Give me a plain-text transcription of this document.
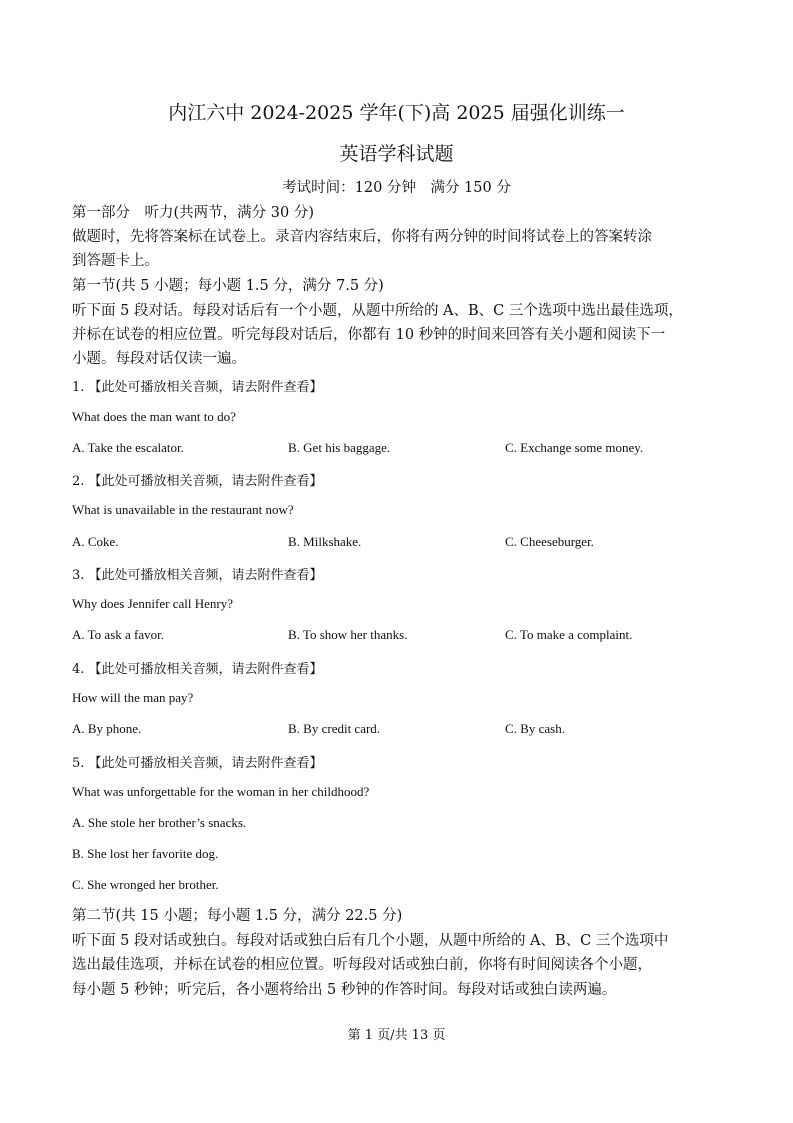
内江六中 2024-2025 学年(下)高 2025 届强化训练一
英语学科试题
考试时间：120 分钟　满分 150 分
第一部分　听力(共两节，满分 30 分)
做题时，先将答案标在试卷上。录音内容结束后，你将有两分钟的时间将试卷上的答案转涂
到答题卡上。
第一节(共 5 小题；每小题 1.5 分，满分 7.5 分)
听下面 5 段对话。每段对话后有一个小题，从题中所给的 A、B、C 三个选项中选出最佳选项，
并标在试卷的相应位置。听完每段对话后，你都有 10 秒钟的时间来回答有关小题和阅读下一
小题。每段对话仅读一遍。
1. 【此处可播放相关音频，请去附件查看】
What does the man want to do?
A. Take the escalator.	B. Get his baggage.	C. Exchange some money.
2. 【此处可播放相关音频，请去附件查看】
What is unavailable in the restaurant now?
A. Coke.	B. Milkshake.	C. Cheeseburger.
3. 【此处可播放相关音频，请去附件查看】
Why does Jennifer call Henry?
A. To ask a favor.	B. To show her thanks.	C. To make a complaint.
4. 【此处可播放相关音频，请去附件查看】
How will the man pay?
A. By phone.	B. By credit card.	C. By cash.
5. 【此处可播放相关音频，请去附件查看】
What was unforgettable for the woman in her childhood?
A. She stole her brother’s snacks.
B. She lost her favorite dog.
C. She wronged her brother.
第二节(共 15 小题；每小题 1.5 分，满分 22.5 分)
听下面 5 段对话或独白。每段对话或独白后有几个小题，从题中所给的 A、B、C 三个选项中
选出最佳选项，并标在试卷的相应位置。听每段对话或独白前，你将有时间阅读各个小题，
每小题 5 秒钟；听完后，各小题将给出 5 秒钟的作答时间。每段对话或独白读两遍。
第 1 页/共 13 页
